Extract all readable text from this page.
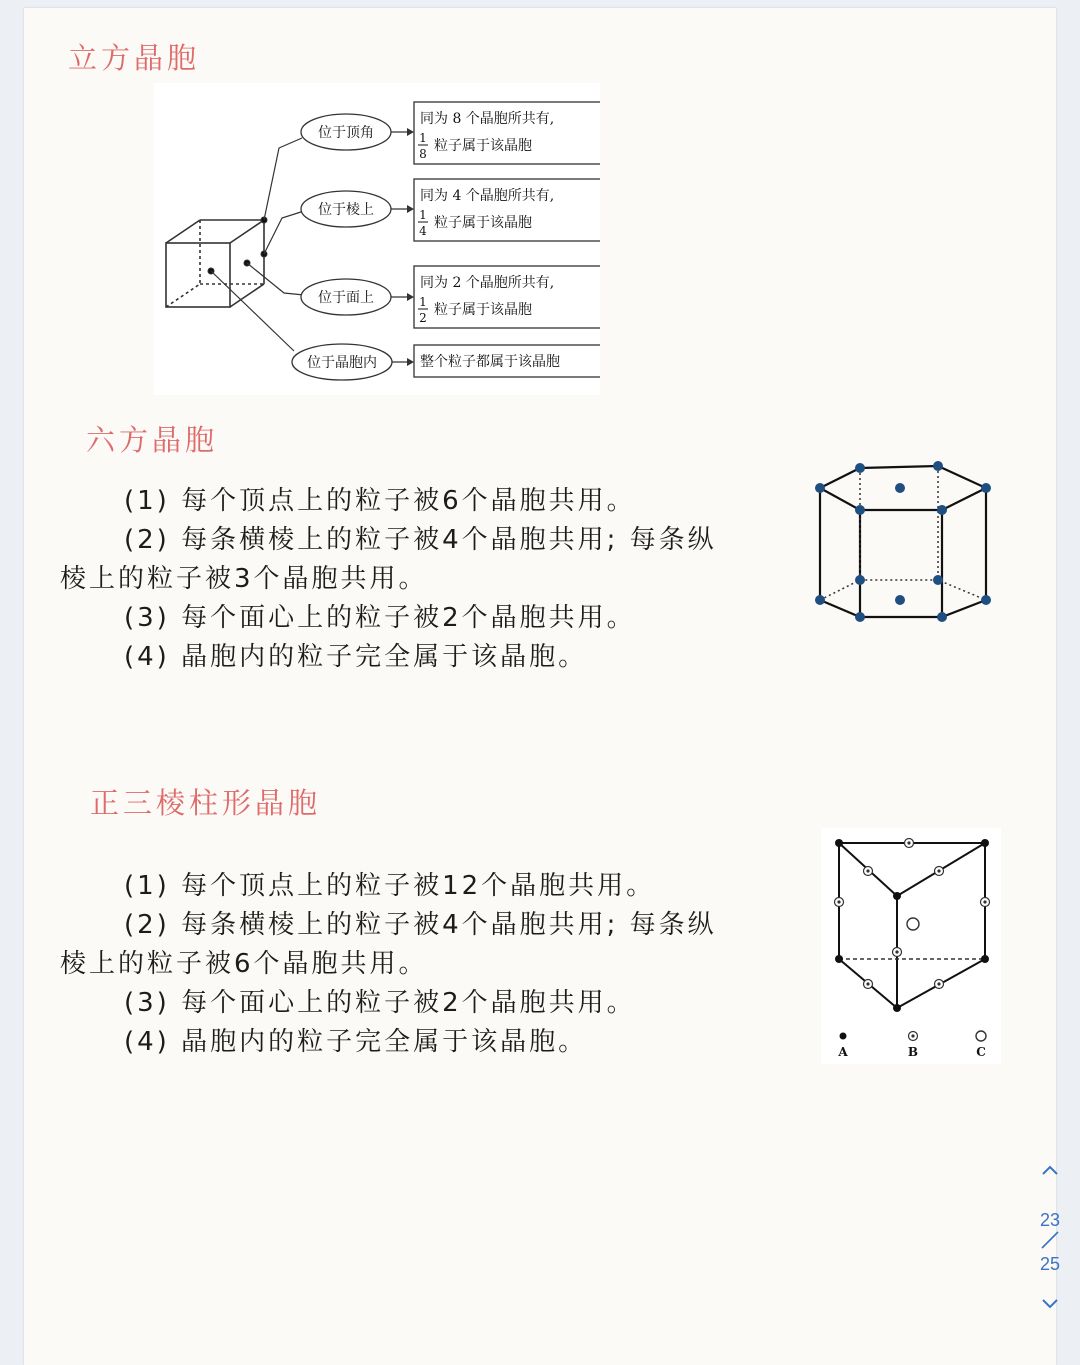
立方晶胞
位于顶角
位于棱上
位于面上
位于晶胞内
同为 8 个晶胞所共有,
1
8 粒子属于该晶胞
同为 4 个晶胞所共有,
1
4 粒子属于该晶胞
同为 2 个晶胞所共有,
1
2 粒子属于该晶胞
整个粒子都属于该晶胞
六方晶胞
(1) 每个顶点上的粒子被6个晶胞共用。
(2) 每条横棱上的粒子被4个晶胞共用; 每条纵
棱上的粒子被3个晶胞共用。
(3) 每个面心上的粒子被2个晶胞共用。
(4) 晶胞内的粒子完全属于该晶胞。
正三棱柱形晶胞
(1) 每个顶点上的粒子被12个晶胞共用。
(2) 每条横棱上的粒子被4个晶胞共用; 每条纵
棱上的粒子被6个晶胞共用。
(3) 每个面心上的粒子被2个晶胞共用。
(4) 晶胞内的粒子完全属于该晶胞。	A	B	C
23
25
